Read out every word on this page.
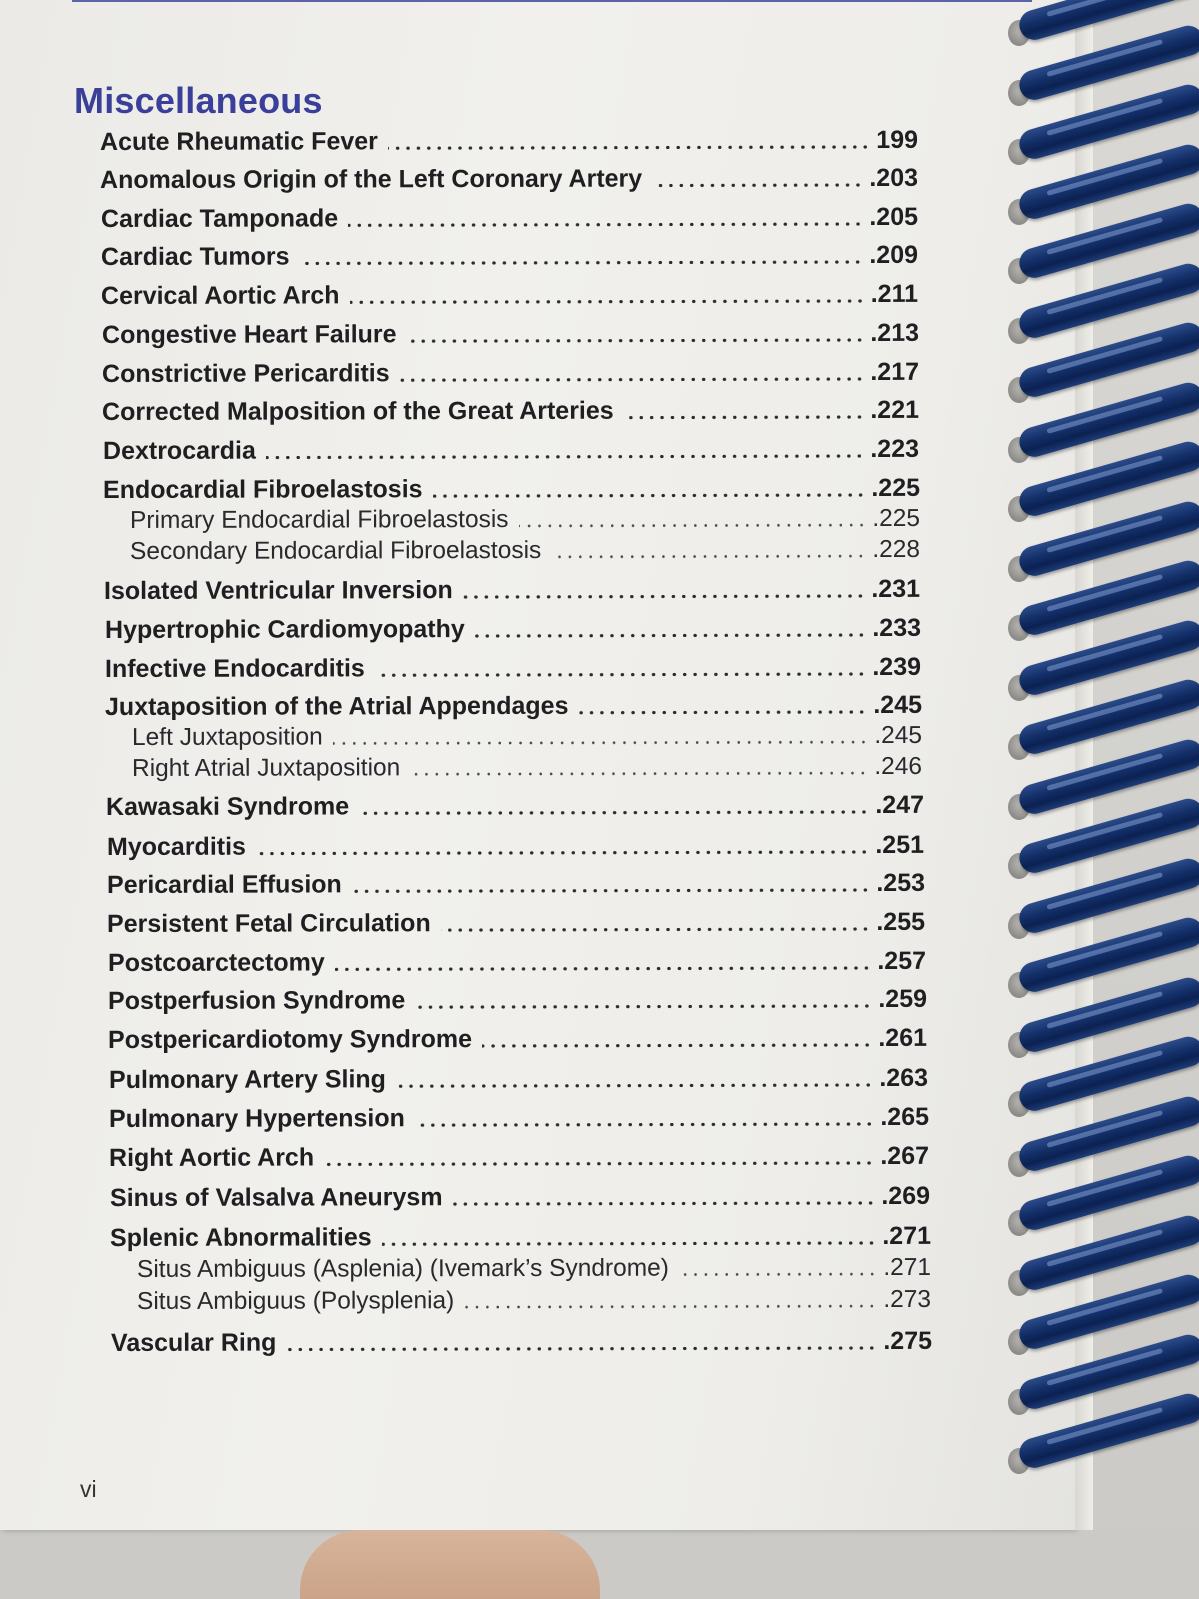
Miscellaneous
Acute Rheumatic Fever	199
Anomalous Origin of the Left Coronary Artery	.203
Cardiac Tamponade	.205
Cardiac Tumors	.209
Cervical Aortic Arch	.211
Congestive Heart Failure	.213
Constrictive Pericarditis	.217
Corrected Malposition of the Great Arteries	.221
Dextrocardia	.223
Endocardial Fibroelastosis	.225
Primary Endocardial Fibroelastosis	.225
Secondary Endocardial Fibroelastosis	.228
Isolated Ventricular Inversion	.231
Hypertrophic Cardiomyopathy	.233
Infective Endocarditis	.239
Juxtaposition of the Atrial Appendages	.245
Left Juxtaposition	.245
Right Atrial Juxtaposition	.246
Kawasaki Syndrome	.247
Myocarditis	.251
Pericardial Effusion	.253
Persistent Fetal Circulation	.255
Postcoarctectomy	.257
Postperfusion Syndrome	.259
Postpericardiotomy Syndrome	.261
Pulmonary Artery Sling	.263
Pulmonary Hypertension	.265
Right Aortic Arch	.267
Sinus of Valsalva Aneurysm	.269
Splenic Abnormalities	.271
Situs Ambiguus (Asplenia) (Ivemark’s Syndrome)	.271
Situs Ambiguus (Polysplenia)	.273
Vascular Ring	.275
vi
